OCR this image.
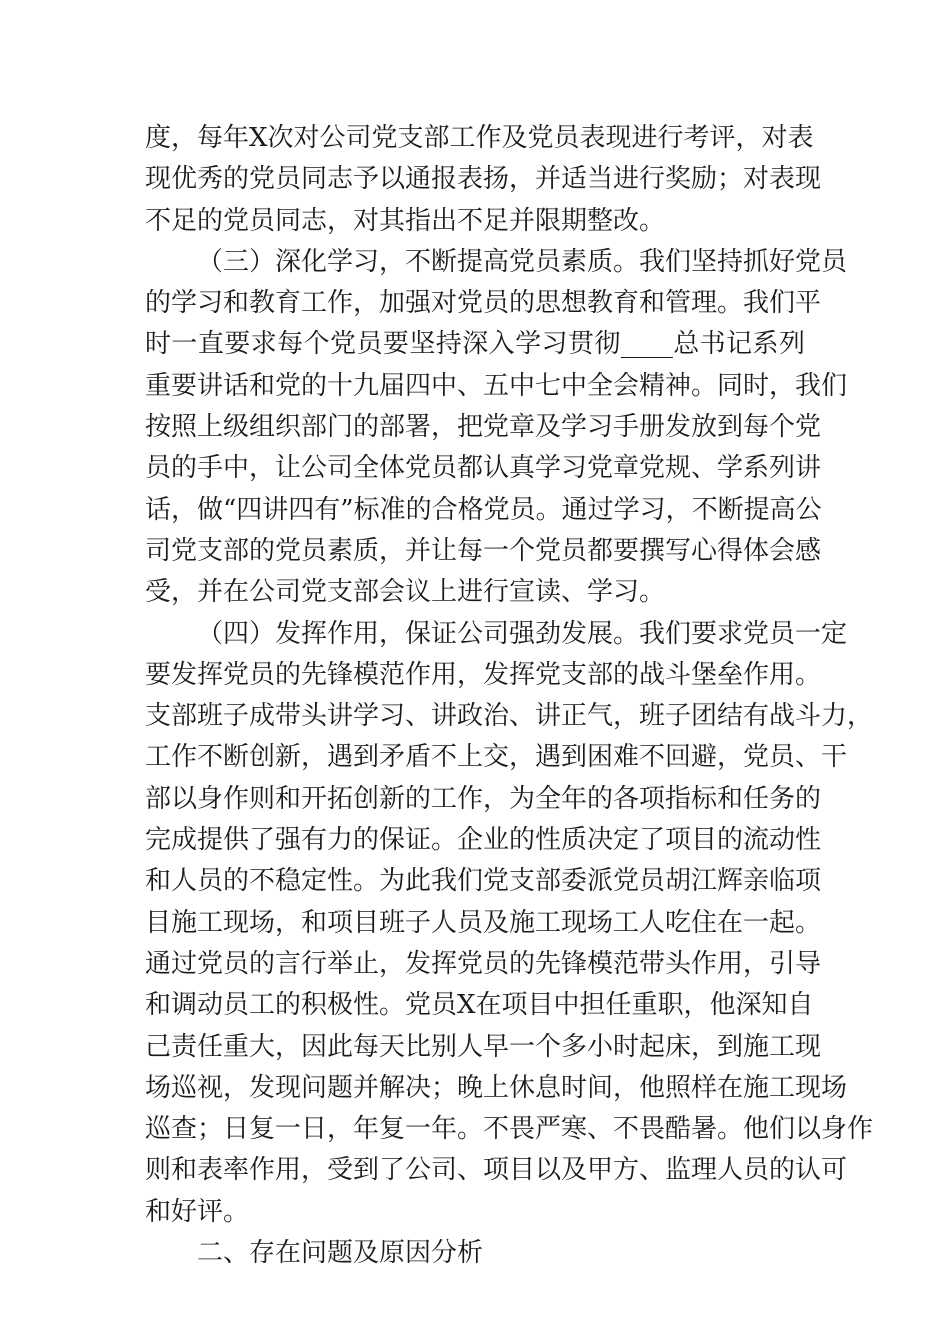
度，每年X次对公司党支部工作及党员表现进行考评，对表
现优秀的党员同志予以通报表扬，并适当进行奖励；对表现
不足的党员同志，对其指出不足并限期整改。
（三）深化学习，不断提高党员素质。我们坚持抓好党员
的学习和教育工作，加强对党员的思想教育和管理。我们平
时一直要求每个党员要坚持深入学习贯彻____总书记系列
重要讲话和党的十九届四中、五中七中全会精神。同时，我们
按照上级组织部门的部署，把党章及学习手册发放到每个党
员的手中，让公司全体党员都认真学习党章党规、学系列讲
话，做“四讲四有”标准的合格党员。通过学习，不断提高公
司党支部的党员素质，并让每一个党员都要撰写心得体会感
受，并在公司党支部会议上进行宣读、学习。
（四）发挥作用，保证公司强劲发展。我们要求党员一定
要发挥党员的先锋模范作用，发挥党支部的战斗堡垒作用。
支部班子成带头讲学习、讲政治、讲正气，班子团结有战斗力，
工作不断创新，遇到矛盾不上交，遇到困难不回避，党员、干
部以身作则和开拓创新的工作，为全年的各项指标和任务的
完成提供了强有力的保证。企业的性质决定了项目的流动性
和人员的不稳定性。为此我们党支部委派党员胡江辉亲临项
目施工现场，和项目班子人员及施工现场工人吃住在一起。
通过党员的言行举止，发挥党员的先锋模范带头作用，引导
和调动员工的积极性。党员X在项目中担任重职，他深知自
己责任重大，因此每天比别人早一个多小时起床，到施工现
场巡视，发现问题并解决；晚上休息时间，他照样在施工现场
巡查；日复一日，年复一年。不畏严寒、不畏酷暑。他们以身作
则和表率作用，受到了公司、项目以及甲方、监理人员的认可
和好评。
二、存在问题及原因分析
